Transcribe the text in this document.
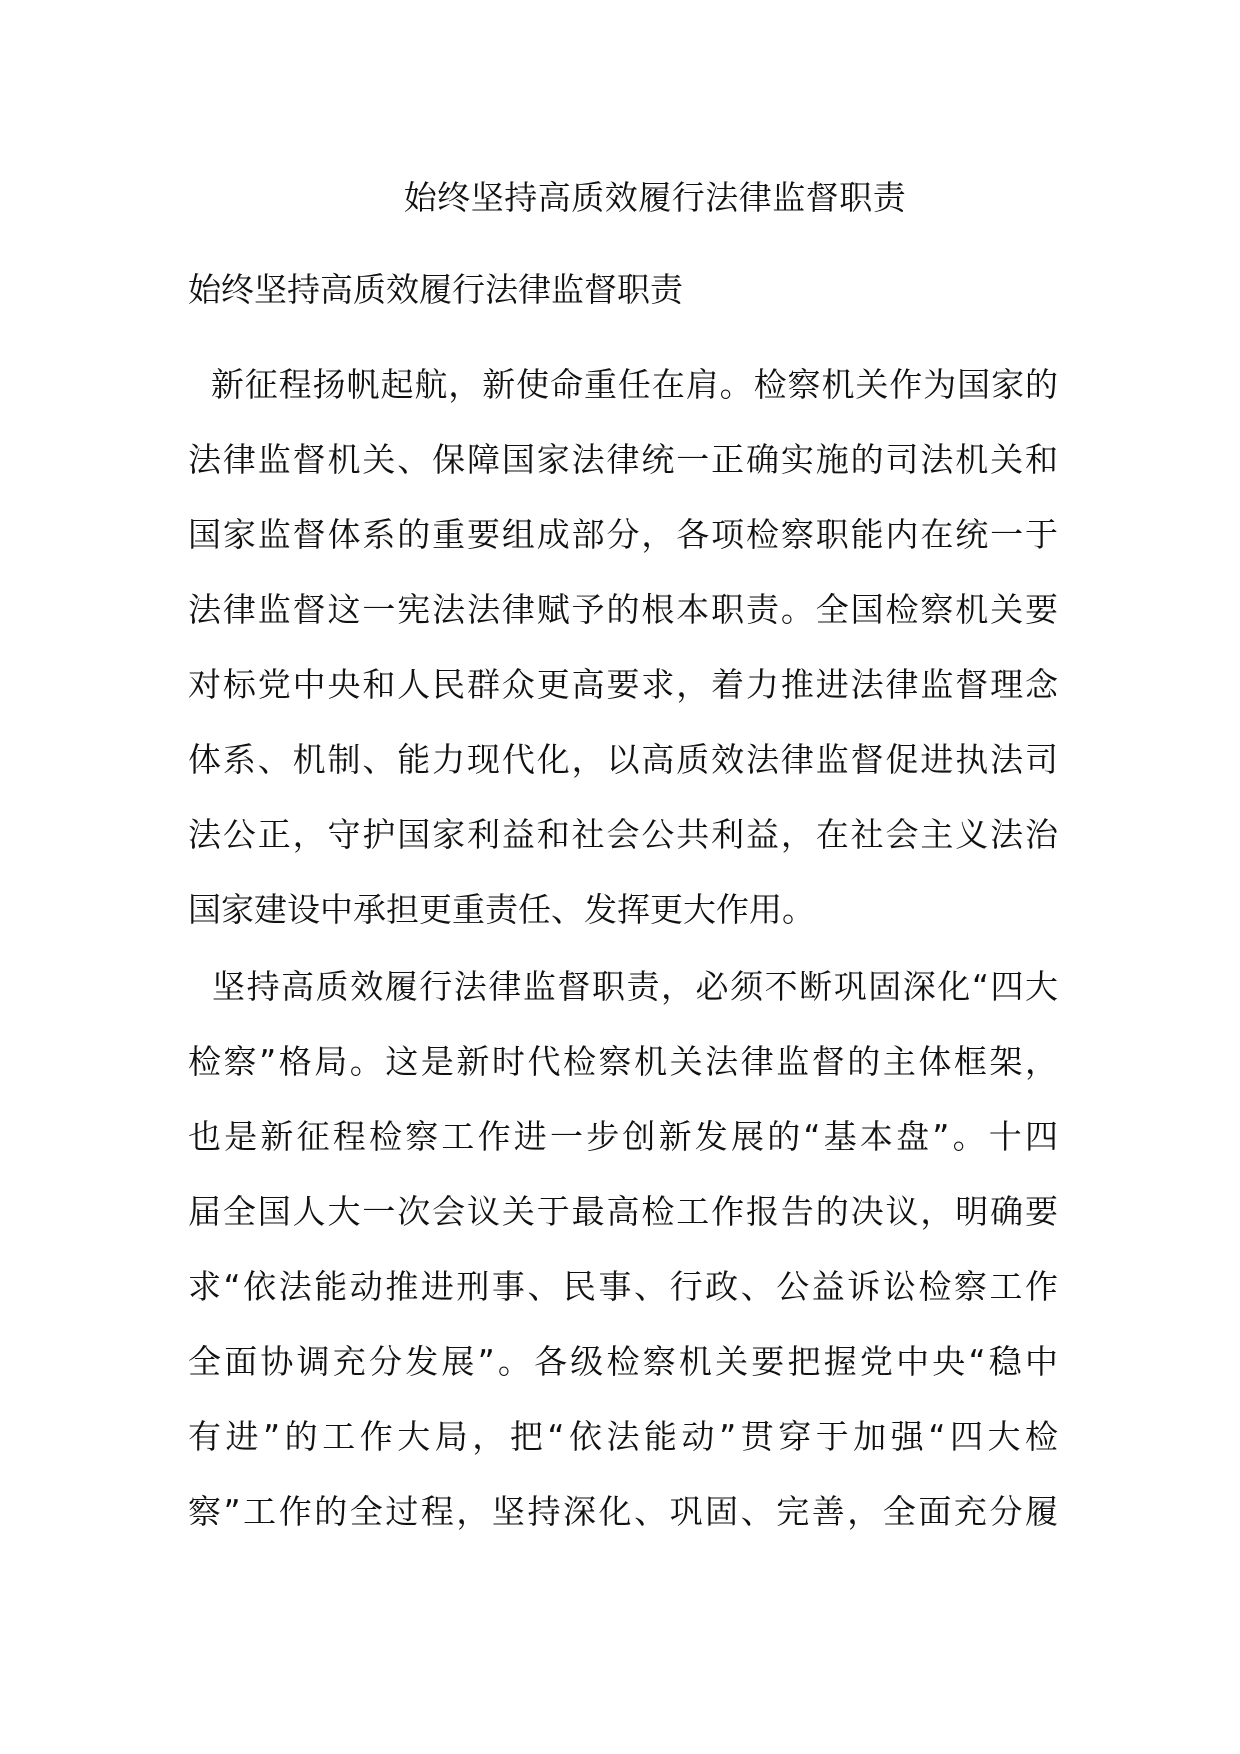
始终坚持高质效履行法律监督职责
始终坚持高质效履行法律监督职责
新征程扬帆起航，新使命重任在肩。检察机关作为国家的
法律监督机关、保障国家法律统一正确实施的司法机关和
国家监督体系的重要组成部分，各项检察职能内在统一于
法律监督这一宪法法律赋予的根本职责。全国检察机关要
对标党中央和人民群众更高要求，着力推进法律监督理念
体系、机制、能力现代化，以高质效法律监督促进执法司
法公正，守护国家利益和社会公共利益，在社会主义法治
国家建设中承担更重责任、发挥更大作用。
坚持高质效履行法律监督职责，必须不断巩固深化“四大
检察”格局。这是新时代检察机关法律监督的主体框架，
也是新征程检察工作进一步创新发展的“基本盘”。十四
届全国人大一次会议关于最高检工作报告的决议，明确要
求“依法能动推进刑事、民事、行政、公益诉讼检察工作
全面协调充分发展”。各级检察机关要把握党中央“稳中
有进”的工作大局，把“依法能动”贯穿于加强“四大检
察”工作的全过程，坚持深化、巩固、完善，全面充分履
